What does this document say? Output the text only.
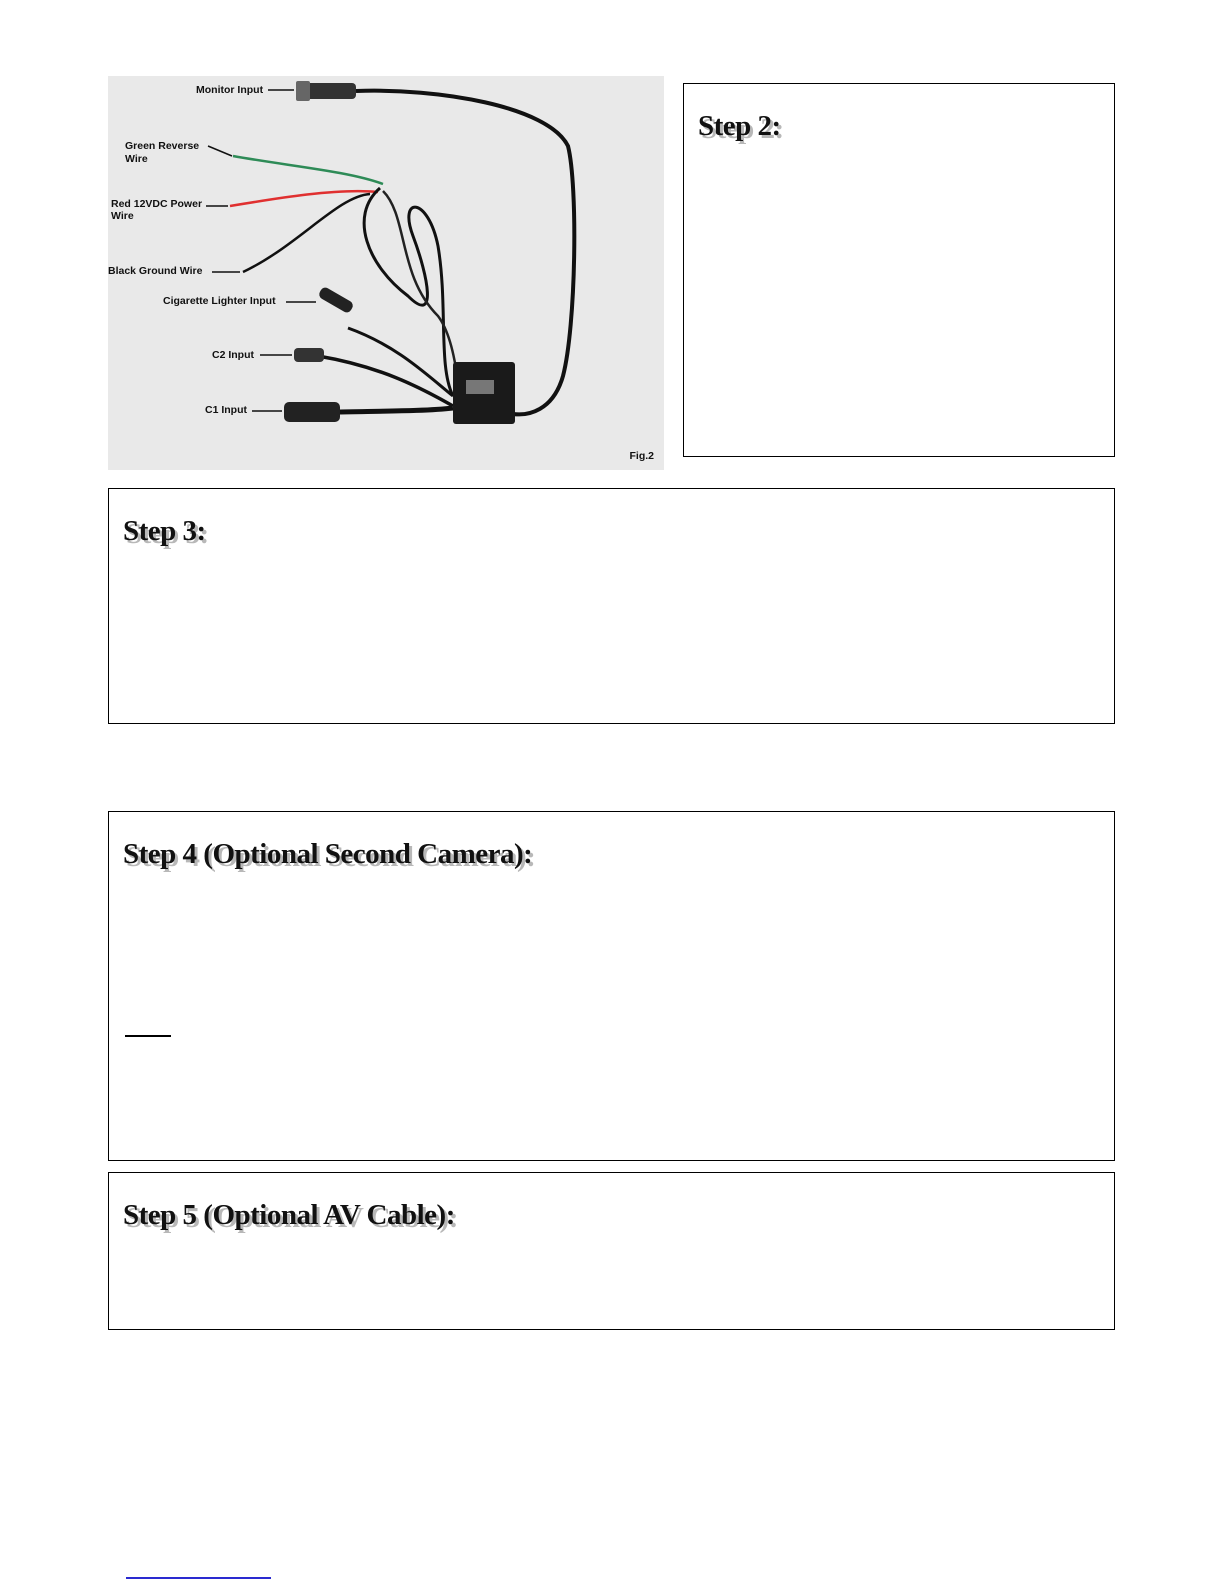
Monitor Input
Green Reverse
Wire
Red 12VDC Power
Wire
Black Ground Wire
Cigarette Lighter Input
C2 Input
C1 Input
Fig.2
Step 2:
Step 3:
Step 4 (Optional Second Camera):
Step 5 (Optional AV Cable):
